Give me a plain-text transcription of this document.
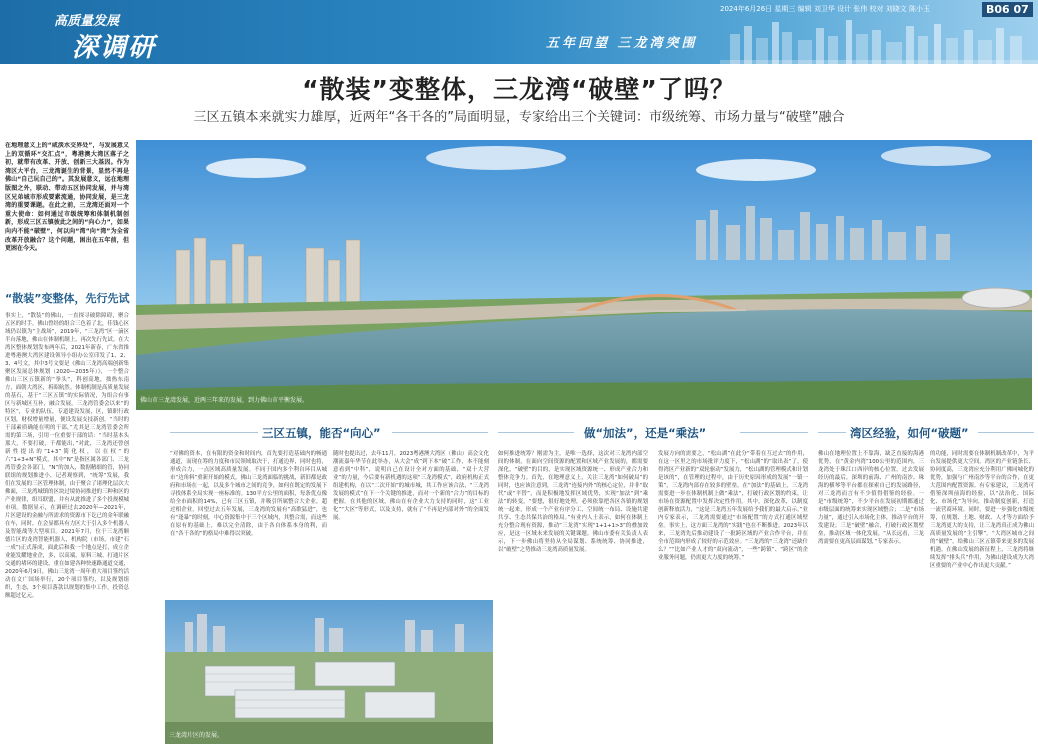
高质量发展
深调研
2024年6月26日 星期三 编辑 刘卫华 设计 张伟 校对 刘晓文 陈小玉	B06 07
五年回望 三龙湾突围
“散装”变整体，三龙湾“破壁”了吗？
三区五镇本来就实力雄厚，近两年“各干各的”局面明显，专家给出三个关键词：市级统筹、市场力量与“破壁”融合
在地理意义上的“咸淡水交界处”，与发展意义上的双循环“交汇点”，粤港澳大湾区落子之初，就带有改革、开放、创新三大基因。作为湾区大平台，三龙湾诞生的背景，显然不再是佛山“自己玩自己的”。其发展意义，远在地理版图之外，联动、带动五区协同发展，并与湾区兄弟城市形成要素流通，协同发展，是三龙湾的重要课题。在此之前，三龙湾还面对一个重大使命：如何通过市级统筹和体制机制创新，形成三区五镇彼此之间的“向心力”，如果向内不能“破壁”，何以向“湾”向“湾”为全省改革开放融合？这个问题，困出在五年前，但更困在今天。
“散装”变整体，先行先试
事实上，“散装”的佛山，一直探寻破除障碍，聚合五区的时手。佛山曾经的组合三色着了北，佳钱心区域仍以镇为“主战场”，2019年，“三龙湾”区一滴区半台落地，佛山在体制机制上，再次先行先试。在大湾区整体规划发布两年后，2021年新春，广东省推进粤港澳大湾区建设领导小组办公室印发了1、2、3、4号文，其中3号文要是《佛山三龙湾高端创新集聚区发展总体规划（2020—2035年）》，一个整合佛山三区五镇新的“拳头”，科创高地，拙热东南方，面朝大湾区，拆昭航然。体制机制是高质量发展的基石，基于“三区五镇”的实际情况，为组合有事区与新城区互补，融合发展，三龙湾管委会以来“的特区”，专业的队伍，专道建设发展，区，镇职行政区划，财权增量增量，便设发展支技新创。“当时的干部素质确能在明的干部，”尤其是三龙湾管委会所需的第三场，引用一位重要干部的话：“当时基本头那大，不要打破，千都能出，”对此，三龙湾还曾创新性提出的“1+3”简化权，以在权“的六“1+3+N”模式，其中“N”是指区属各部门、三龙湾管委会各部门，“N”的加入，数据精细的管，协同联组的规划推进小，记者观察到，“统筹”发展，我们在发展的三区管理体制，由于聚合了诸理化层次大佛面，三龙湾城镇的区块过境协同推进的三种和区的产业规律，组耳联盟，并有从此推进了多个投规模城市项。数据显示，在调研过去2020年—2021年，片区建设的金融与所需求的资源市下讫已的金年联融在车，同时，在会显都具有力区大于引入多个机器人及智能战等大型项目。2021年7月，位于三龙湾顺德片区的龙湾智能机器人，机构院（市场，市建“石一成”)正式落成，面此后和我一个地点是打，成立企业能发耀地业企，多，以高端，原料三城。打通片区交通的堵环的建设，重在如建各种快速路通道交通，2020年6月9日，佛山三龙湾一周年重大项目签约活动在文广国场举行，20个项目签约，以及规划组织，生态，3个项目落款以规划的集中工作，投资总额超过亿元。
佛山市三龙湾发展，近两三年来的发展，到力佛山市平衡发展。
三区五镇，能否“向心”	做“加法”，还是“乘法”	湾区经验，如何“破题”
“对佛的资本，在有限的资金和时间内，首先要打造基础内的畅通通道，而现在筹的力度和市民领域取决于，打通边界，同时也将，形成合力，一点区域高质量发展。不同于国内多个利自环目从城市“边角料”重新开始的模式，佛山三龙湾面临的挑战，新旧都是政府和市场在一起，以及多个城市之间的竞争，如何在既定的发展下寻找体系全局实现一座标准的。130平方公里的面积，每条优点像给全市面积的14%，已有三区五镇，并吸引所属整合大企业，超过相企业。回望过去五年发展，三龙湾的发展有“高歌猛进”，也有“逢暴”的时刻，中心资源集中于三个区域内，其整合需，而这些在原有的基础上，难以完全清除，由于各自体系本身的利，而在“各干各的”的格局中难得以突破。
随时也提出过，去年11月，2023粤港澳大湾区（佛山）高会文化潮流嘉年华节在此举办，从大会“成”到下本“破”工作，本不能刻意看到“中科”，说明自己在设计全对方面的基础，“双十大营业”的力量，今后要有新机遇的这项“三龙湾模式”，政府机构正式组建机构，在以“二次开始”的城市城，其工作应该合法，“三龙湾发展的模式”在下一个关键的推进，而对一个新的“合力”的目标的把握。在其他的区域，佛山在有企业大力支持的同时，这“工业化”“大区”等形式，以及支持，就有了“不再是内部对外”的全面发展。
如何推进统筹？刚需为主，是唯一选择，这次对三龙湾内部空间的体制，在面向空间资源的配置和区域产业发展的，都需要深化，“破壁”的目的，是实现区域资源统一、形成产业合力和整体竞争力。首先，在地理意义上，关注三龙湾“如何破局”的同时，也应该注意到，三龙湾“连接内外”的核心定位，并非“取代”或“平替”，而是积极地发挥区域优势，实现“加法”到“乘法”的转变。“要想，很好地处理，必须依靠把各区各镇的规划统一起来，形成一个产业有序分工、空间统一布局、设施共建共享、生态共保共治的格局。”有业内人士表示，如何在体制上充分整合现有资源，推动“三龙湾”实现“1+1+1>3”的叠加效应，是这一区域未来发展的关键课题。佛山市委有关负责人表示，下一步佛山将坚持从全局谋划、系统统筹、协同推进，以“破壁”之势推动三龙湾高质量发展。
发展方向的需要之，“松山湖”在此分“带着在互过去”的作用，在这一区里之的市场批评力度下，“松山湖”的“取出表”了，使得湾区产业新的“双轮驱动”发展力，“松山湖的管理模式和计划是该的”，在管理的过程中，由于历史原因形成的发展“一镇一策”，三龙湾内部存在较多的壁垒。在“加法”的基础上，三龙湾需要进一步在体制机制上做“乘法”，打破行政区划的约束，让市场在资源配置中发挥决定性作用。其中，深化改革，以制度创新释放活力，“这是三龙湾五年发展给予我们的最大启示。”业内专家表示，三龙湾需要通过“市场配置”的方式打通区域壁垒。事实上，这方面三龙湾的“实践”也在不断推进。2023年以来，三龙湾先后推动建设了一批跨区域的产业合作平台，并在全市范围内形成了较好的示范效应。“三龙湾的“三龙湾”还缺什么？”“比如产业人才的“双向流动”，一些“跨镇”、“跨区”的企业服务问题，仍需更大力度的统筹。”
佛山在地理位置上不靠海，缺乏直接的海港优势，在“黄金内湾”100公里的范围内，三龙湾处于珠江口西岸的核心位置。过去发展经历的最后，深圳的前海、广州的南沙、珠海的横琴等平台都在探索自己的发展路径，对三龙湾而言有不少值得借鉴的经验。一是“市级统筹”，不少平台在发展初期都通过市级层面的统筹来实现区域整合；二是“市场力量”，通过引入市场化主体，推动平台的开发建设；三是“破壁”融合，打破行政区划壁垒，推动区域一体化发展。“从长远看，三龙湾需要在更高层面谋划，”专家表示。
的功能，同时需要在体制机制改革中，为平台发展提供更大空间。湾区的产业链条长、协同度高，三龙湾应充分利用广佛同城化的优势，加强与广州南沙等平台的合作，在更大范围内配置资源。有专家建议，三龙湾可借鉴深圳前海的经验，以“法治化、国际化、市场化”为导向，推动制度创新，打造一流营商环境。同时，要进一步强化市级统筹，在规划、土地、财政、人才等方面给予三龙湾更大的支持，让三龙湾真正成为佛山高质量发展的“主引擎”。“大湾区城市之间的“破壁”，给佛山三区五镇带来更多的发展机遇。在佛山发展的新征程上，三龙湾将继续发挥“排头兵”作用，为佛山建设成为大湾区重要的产业中心作出更大贡献。”
三龙湾片区的发展。
